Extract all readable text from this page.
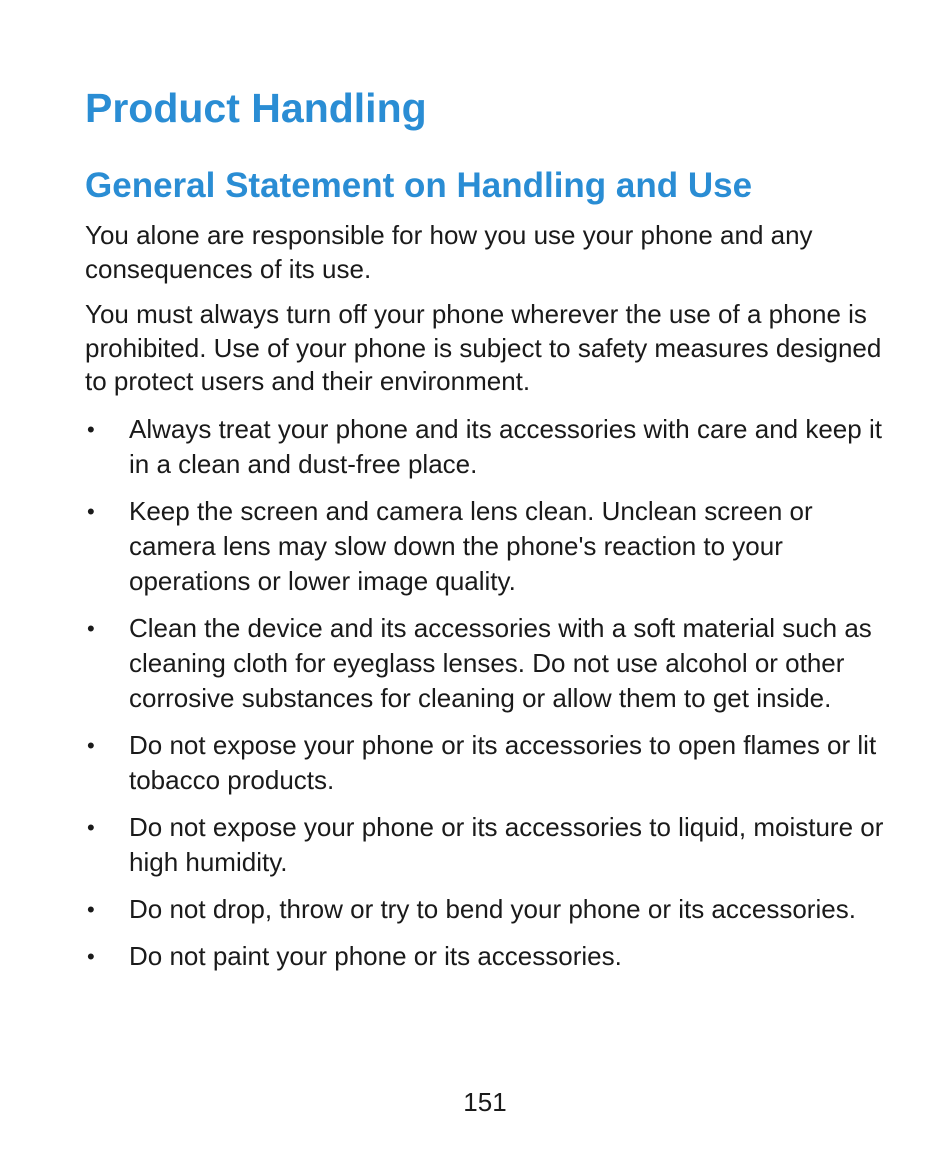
Product Handling
General Statement on Handling and Use

You alone are responsible for how you use your phone and any consequences of its use.

You must always turn off your phone wherever the use of a phone is prohibited. Use of your phone is subject to safety measures designed to protect users and their environment.

• Always treat your phone and its accessories with care and keep it in a clean and dust-free place.
• Keep the screen and camera lens clean. Unclean screen or camera lens may slow down the phone's reaction to your operations or lower image quality.
• Clean the device and its accessories with a soft material such as cleaning cloth for eyeglass lenses. Do not use alcohol or other corrosive substances for cleaning or allow them to get inside.
• Do not expose your phone or its accessories to open flames or lit tobacco products.
• Do not expose your phone or its accessories to liquid, moisture or high humidity.
• Do not drop, throw or try to bend your phone or its accessories.
• Do not paint your phone or its accessories.
151
